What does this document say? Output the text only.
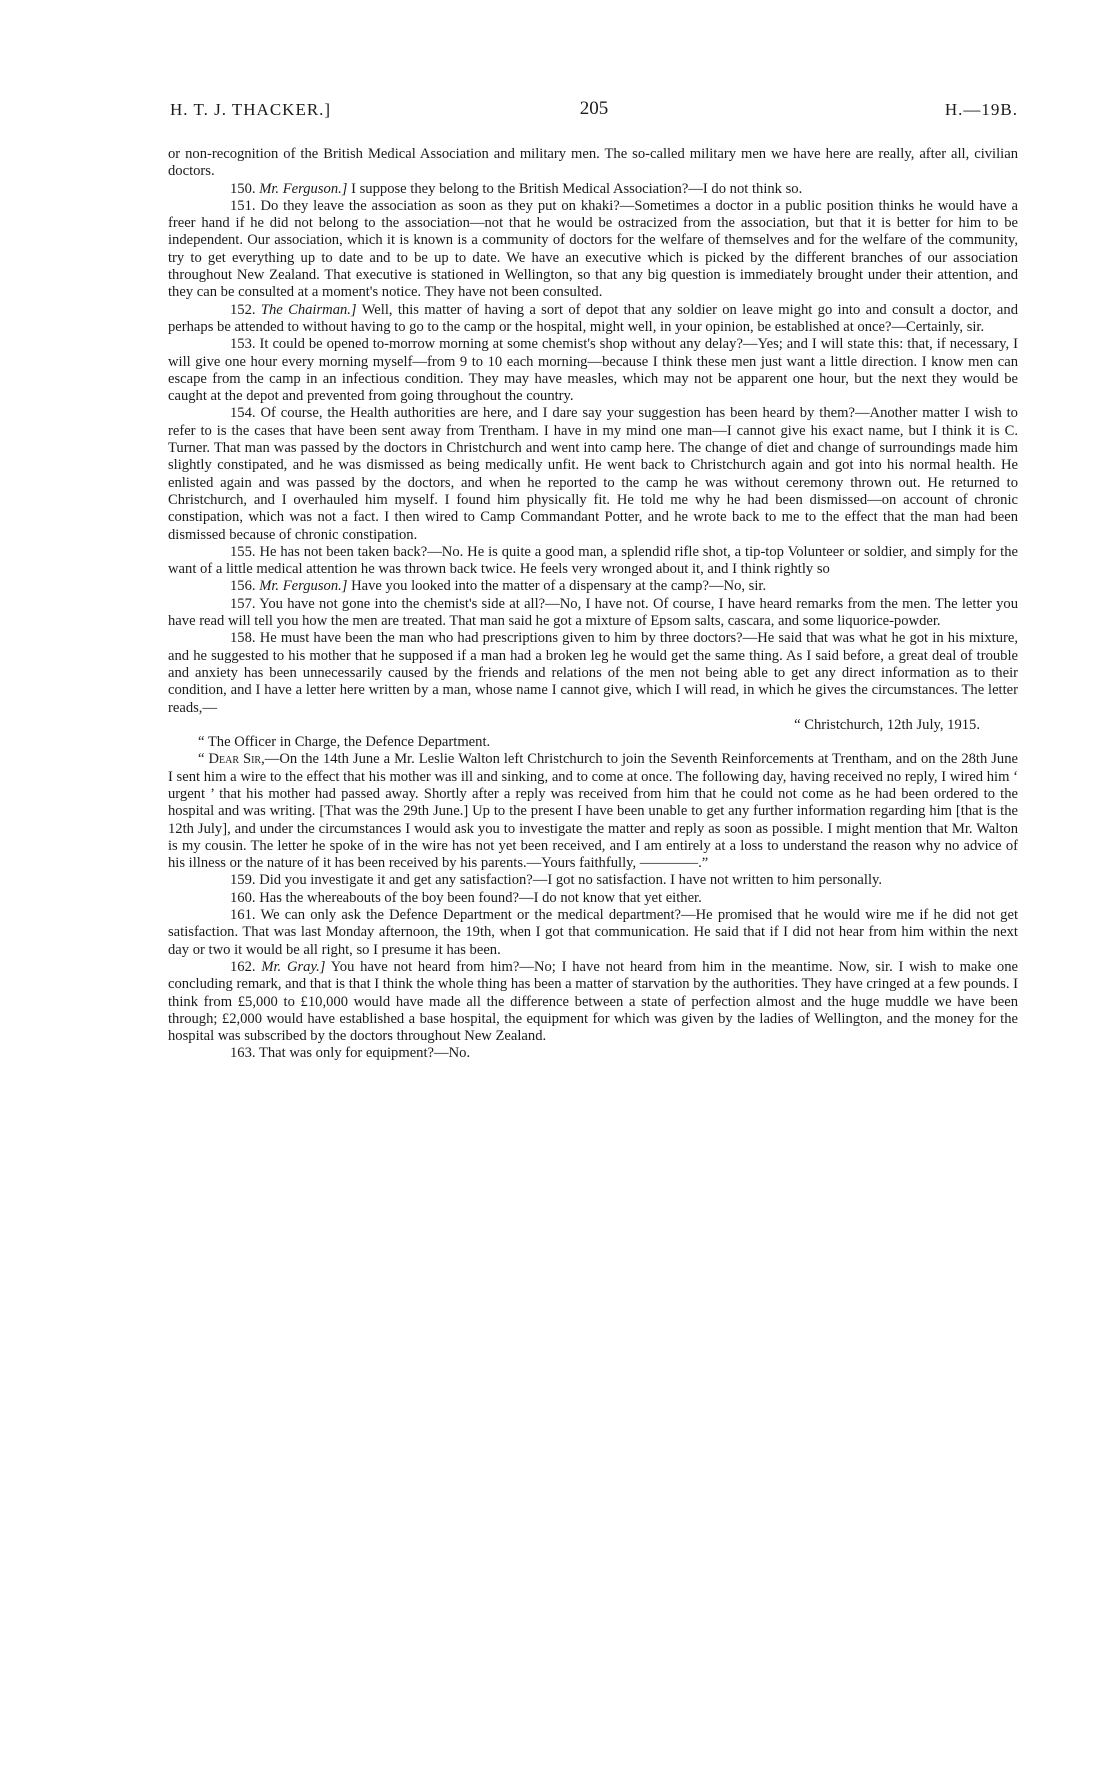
H. T. J. THACKER.]	205	H.—19B.

or non-recognition of the British Medical Association and military men. The so-called military men we have here are really, after all, civilian doctors.

150. Mr. Ferguson.] I suppose they belong to the British Medical Association?—I do not think so.

151. Do they leave the association as soon as they put on khaki?—Sometimes a doctor in a public position thinks he would have a freer hand if he did not belong to the association—not that he would be ostracized from the association, but that it is better for him to be independent. Our association, which it is known is a community of doctors for the welfare of themselves and for the welfare of the community, try to get everything up to date and to be up to date. We have an executive which is picked by the different branches of our association throughout New Zealand. That executive is stationed in Wellington, so that any big question is immediately brought under their attention, and they can be consulted at a moment's notice. They have not been consulted.

152. The Chairman.] Well, this matter of having a sort of depot that any soldier on leave might go into and consult a doctor, and perhaps be attended to without having to go to the camp or the hospital, might well, in your opinion, be established at once?—Certainly, sir.

153. It could be opened to-morrow morning at some chemist's shop without any delay?—Yes; and I will state this: that, if necessary, I will give one hour every morning myself—from 9 to 10 each morning—because I think these men just want a little direction. I know men can escape from the camp in an infectious condition. They may have measles, which may not be apparent one hour, but the next they would be caught at the depot and prevented from going throughout the country.

154. Of course, the Health authorities are here, and I dare say your suggestion has been heard by them?—Another matter I wish to refer to is the cases that have been sent away from Trentham. I have in my mind one man—I cannot give his exact name, but I think it is C. Turner. That man was passed by the doctors in Christchurch and went into camp here. The change of diet and change of surroundings made him slightly constipated, and he was dismissed as being medically unfit. He went back to Christchurch again and got into his normal health. He enlisted again and was passed by the doctors, and when he reported to the camp he was without ceremony thrown out. He returned to Christchurch, and I overhauled him myself. I found him physically fit. He told me why he had been dismissed—on account of chronic constipation, which was not a fact. I then wired to Camp Commandant Potter, and he wrote back to me to the effect that the man had been dismissed because of chronic constipation.

155. He has not been taken back?—No. He is quite a good man, a splendid rifle shot, a tip-top Volunteer or soldier, and simply for the want of a little medical attention he was thrown back twice. He feels very wronged about it, and I think rightly so

156. Mr. Ferguson.] Have you looked into the matter of a dispensary at the camp?—No, sir.

157. You have not gone into the chemist's side at all?—No, I have not. Of course, I have heard remarks from the men. The letter you have read will tell you how the men are treated. That man said he got a mixture of Epsom salts, cascara, and some liquorice-powder.

158. He must have been the man who had prescriptions given to him by three doctors?—He said that was what he got in his mixture, and he suggested to his mother that he supposed if a man had a broken leg he would get the same thing. As I said before, a great deal of trouble and anxiety has been unnecessarily caused by the friends and relations of the men not being able to get any direct information as to their condition, and I have a letter here written by a man, whose name I cannot give, which I will read, in which he gives the circumstances. The letter reads,—

“ Christchurch, 12th July, 1915.

“ The Officer in Charge, the Defence Department.

“ Dear Sir,—On the 14th June a Mr. Leslie Walton left Christchurch to join the Seventh Reinforcements at Trentham, and on the 28th June I sent him a wire to the effect that his mother was ill and sinking, and to come at once. The following day, having received no reply, I wired him ‘ urgent ’ that his mother had passed away. Shortly after a reply was received from him that he could not come as he had been ordered to the hospital and was writing. [That was the 29th June.] Up to the present I have been unable to get any further information regarding him [that is the 12th July], and under the circumstances I would ask you to investigate the matter and reply as soon as possible. I might mention that Mr. Walton is my cousin. The letter he spoke of in the wire has not yet been received, and I am entirely at a loss to understand the reason why no advice of his illness or the nature of it has been received by his parents.—Yours faithfully, ————.”

159. Did you investigate it and get any satisfaction?—I got no satisfaction. I have not written to him personally.

160. Has the whereabouts of the boy been found?—I do not know that yet either.

161. We can only ask the Defence Department or the medical department?—He promised that he would wire me if he did not get satisfaction. That was last Monday afternoon, the 19th, when I got that communication. He said that if I did not hear from him within the next day or two it would be all right, so I presume it has been.

162. Mr. Gray.] You have not heard from him?—No; I have not heard from him in the meantime. Now, sir. I wish to make one concluding remark, and that is that I think the whole thing has been a matter of starvation by the authorities. They have cringed at a few pounds. I think from £5,000 to £10,000 would have made all the difference between a state of perfection almost and the huge muddle we have been through; £2,000 would have established a base hospital, the equipment for which was given by the ladies of Wellington, and the money for the hospital was subscribed by the doctors throughout New Zealand.

163. That was only for equipment?—No.
